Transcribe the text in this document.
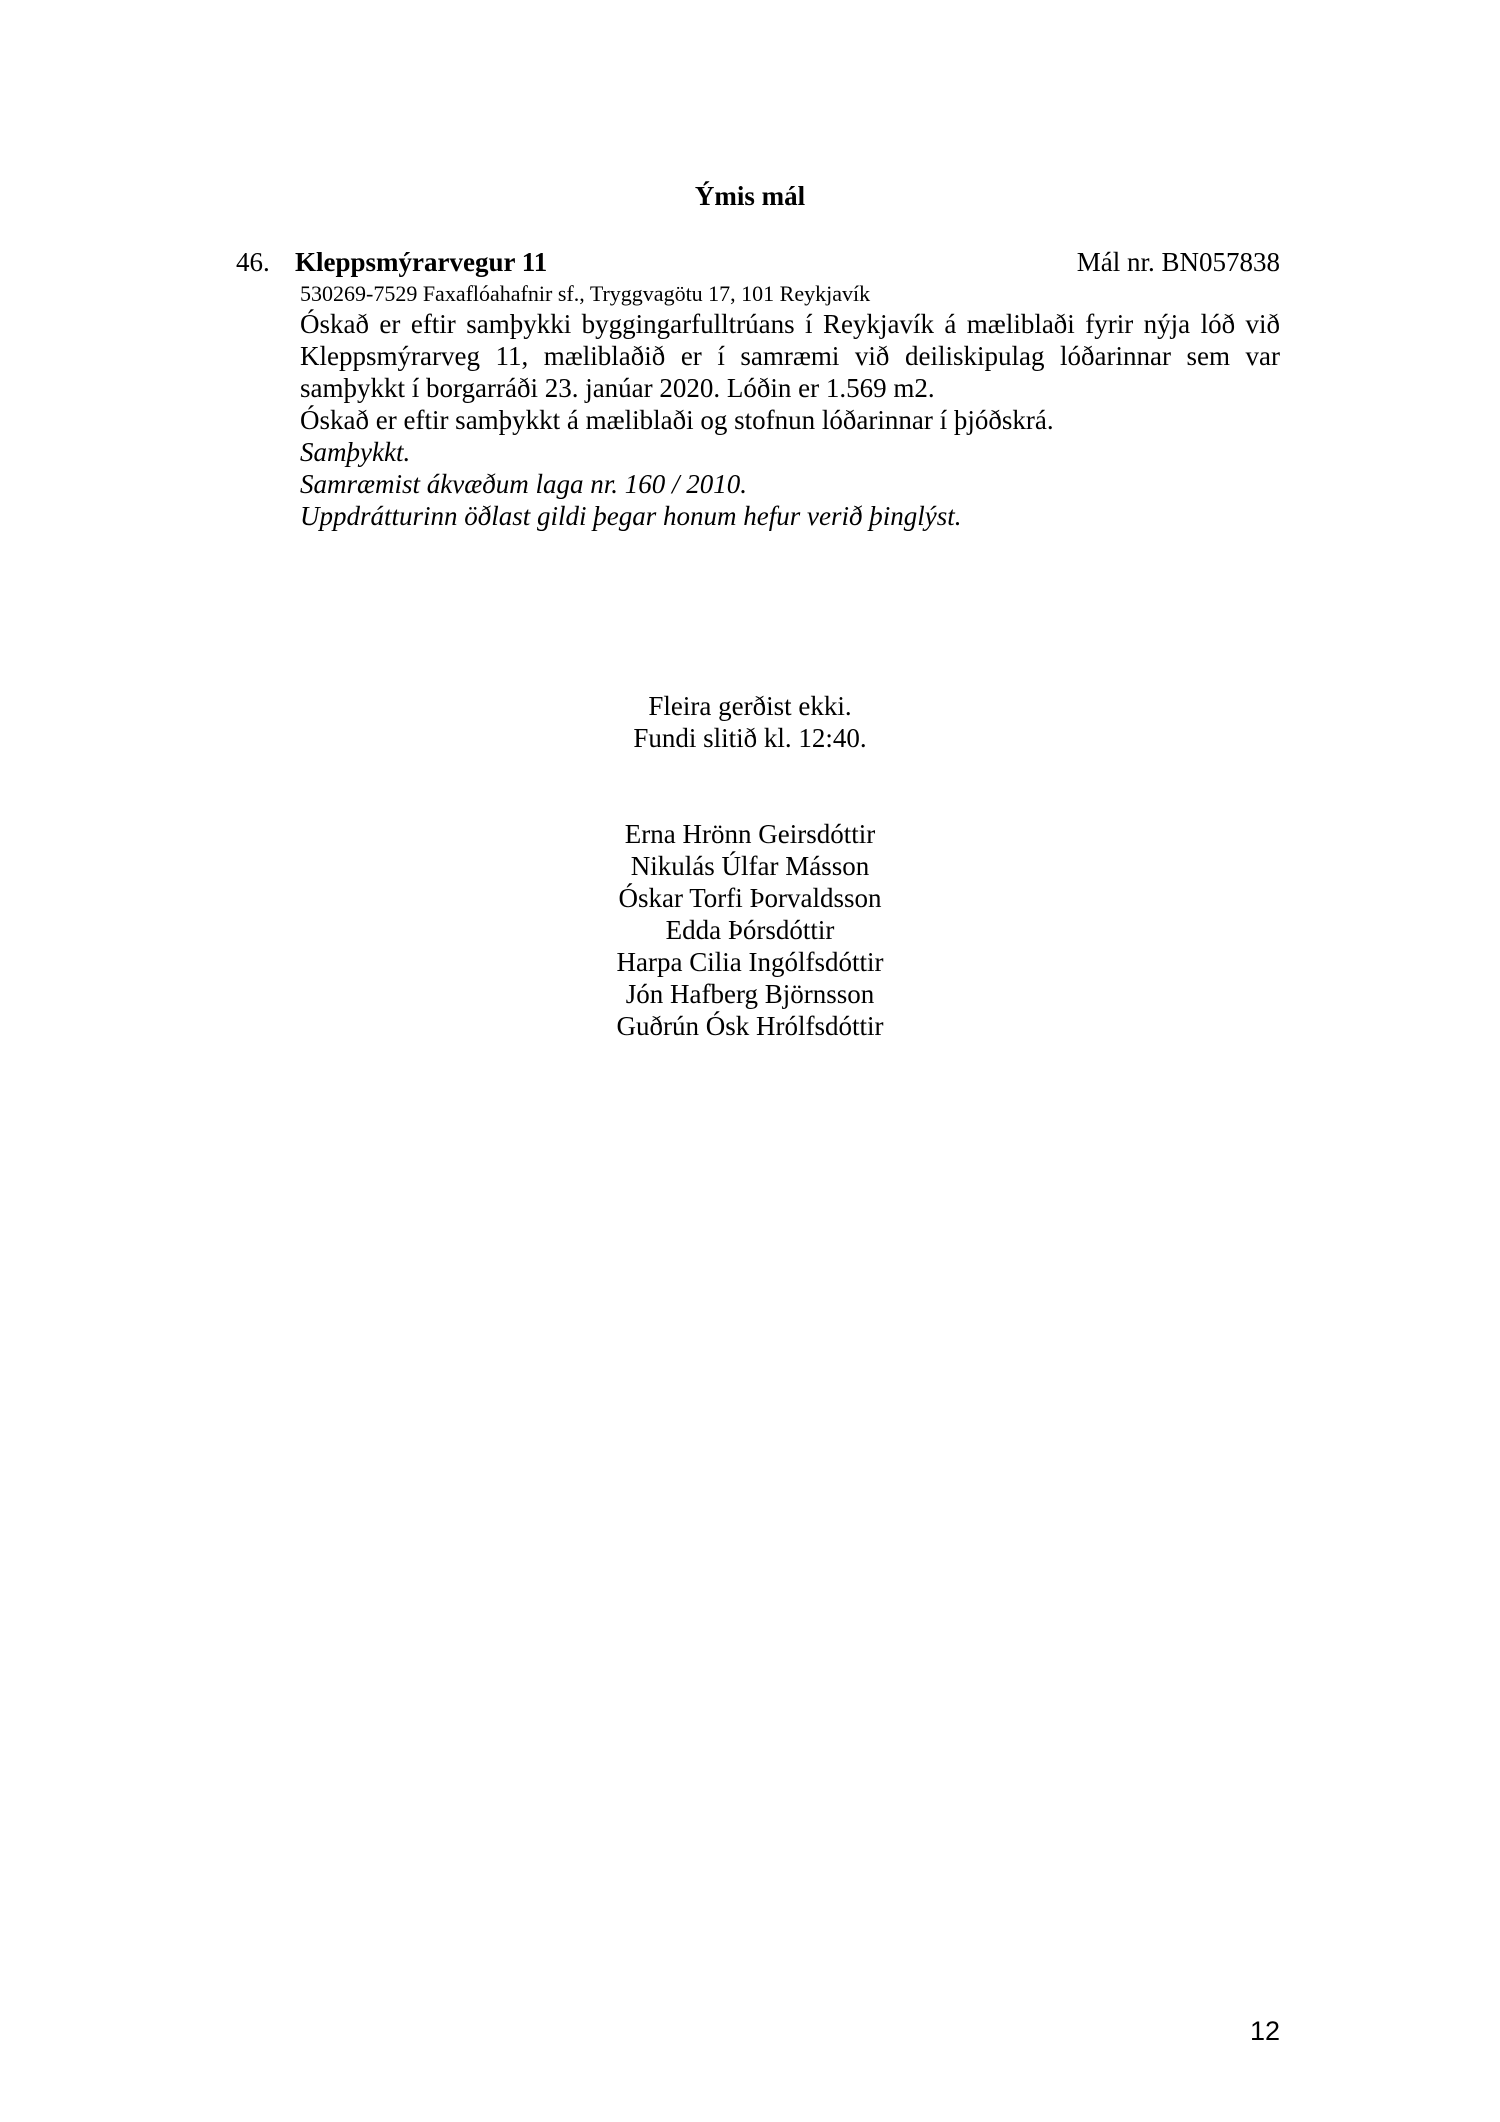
Ýmis mál
46. Kleppsmýrarvegur 11	Mál nr. BN057838
530269-7529 Faxaflóahafnir sf., Tryggvagötu 17, 101 Reykjavík

Óskað er eftir samþykki byggingarfulltrúans í Reykjavík á mæliblaði fyrir nýja lóð við Kleppsmýrarveg 11, mæliblaðið er í samræmi við deiliskipulag lóðarinnar sem var samþykkt í borgarráði 23. janúar 2020. Lóðin er 1.569 m2.

Óskað er eftir samþykkt á mæliblaði og stofnun lóðarinnar í þjóðskrá.

Samþykkt.

Samræmist ákvæðum laga nr. 160 / 2010.

Uppdrátturinn öðlast gildi þegar honum hefur verið þinglýst.

Fleira gerðist ekki.
Fundi slitið kl. 12:40.
Erna Hrönn Geirsdóttir
Nikulás Úlfar Másson
Óskar Torfi Þorvaldsson
Edda Þórsdóttir
Harpa Cilia Ingólfsdóttir
Jón Hafberg Björnsson
Guðrún Ósk Hrólfsdóttir
12
